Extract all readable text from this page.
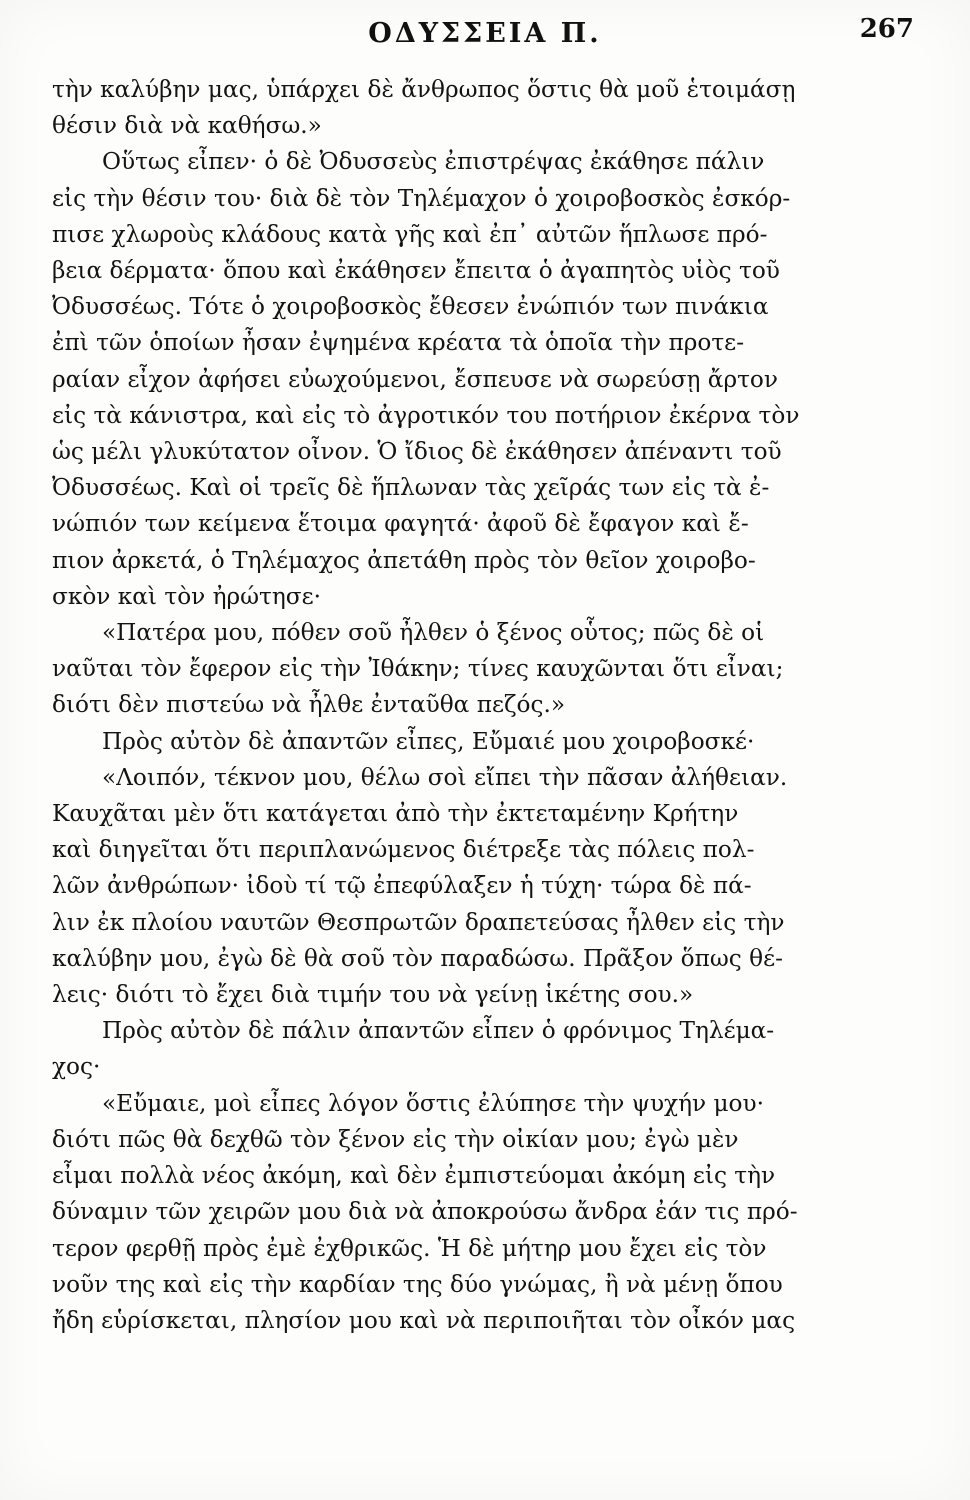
ΟΔΥΣΣΕΙΑ Π.	267
τὴν καλύβην μας, ὑπάρχει δὲ ἄνθρωπος ὅστις θὰ μοῦ ἑτοιμάσῃ
θέσιν διὰ νὰ καθήσω.»
Οὕτως εἶπεν· ὁ δὲ Ὀδυσσεὺς ἐπιστρέψας ἐκάθησε πάλιν
εἰς τὴν θέσιν του· διὰ δὲ τὸν Τηλέμαχον ὁ χοιροβοσκὸς ἐσκόρ-
πισε χλωροὺς κλάδους κατὰ γῆς καὶ ἐπ᾽ αὐτῶν ἥπλωσε πρό-
βεια δέρματα· ὅπου καὶ ἐκάθησεν ἔπειτα ὁ ἀγαπητὸς υἱὸς τοῦ
Ὀδυσσέως. Τότε ὁ χοιροβοσκὸς ἔθεσεν ἐνώπιόν των πινάκια
ἐπὶ τῶν ὁποίων ἦσαν ἐψημένα κρέατα τὰ ὁποῖα τὴν προτε-
ραίαν εἶχον ἀφήσει εὐωχούμενοι, ἔσπευσε νὰ σωρεύσῃ ἄρτον
εἰς τὰ κάνιστρα, καὶ εἰς τὸ ἀγροτικόν του ποτήριον ἐκέρνα τὸν
ὡς μέλι γλυκύτατον οἶνον. Ὁ ἴδιος δὲ ἐκάθησεν ἀπέναντι τοῦ
Ὀδυσσέως. Καὶ οἱ τρεῖς δὲ ἥπλωναν τὰς χεῖράς των εἰς τὰ ἐ-
νώπιόν των κείμενα ἕτοιμα φαγητά· ἀφοῦ δὲ ἔφαγον καὶ ἔ-
πιον ἀρκετά, ὁ Τηλέμαχος ἀπετάθη πρὸς τὸν θεῖον χοιροβο-
σκὸν καὶ τὸν ἠρώτησε·
«Πατέρα μου, πόθεν σοῦ ἦλθεν ὁ ξένος οὗτος; πῶς δὲ οἱ
ναῦται τὸν ἔφερον εἰς τὴν Ἰθάκην; τίνες καυχῶνται ὅτι εἶναι;
διότι δὲν πιστεύω νὰ ἦλθε ἐνταῦθα πεζός.»
Πρὸς αὐτὸν δὲ ἀπαντῶν εἶπες, Εὔμαιέ μου χοιροβοσκέ·
«Λοιπόν, τέκνον μου, θέλω σοὶ εἴπει τὴν πᾶσαν ἀλήθειαν.
Καυχᾶται μὲν ὅτι κατάγεται ἀπὸ τὴν ἐκτεταμένην Κρήτην
καὶ διηγεῖται ὅτι περιπλανώμενος διέτρεξε τὰς πόλεις πολ-
λῶν ἀνθρώπων· ἰδοὺ τί τῷ ἐπεφύλαξεν ἡ τύχη· τώρα δὲ πά-
λιν ἐκ πλοίου ναυτῶν Θεσπρωτῶν δραπετεύσας ἦλθεν εἰς τὴν
καλύβην μου, ἐγὼ δὲ θὰ σοῦ τὸν παραδώσω. Πρᾶξον ὅπως θέ-
λεις· διότι τὸ ἔχει διὰ τιμήν του νὰ γείνῃ ἱκέτης σου.»
Πρὸς αὐτὸν δὲ πάλιν ἀπαντῶν εἶπεν ὁ φρόνιμος Τηλέμα-
χος·
«Εὔμαιε, μοὶ εἶπες λόγον ὅστις ἐλύπησε τὴν ψυχήν μου·
διότι πῶς θὰ δεχθῶ τὸν ξένον εἰς τὴν οἰκίαν μου; ἐγὼ μὲν
εἶμαι πολλὰ νέος ἀκόμη, καὶ δὲν ἐμπιστεύομαι ἀκόμη εἰς τὴν
δύναμιν τῶν χειρῶν μου διὰ νὰ ἀποκρούσω ἄνδρα ἐάν τις πρό-
τερον φερθῇ πρὸς ἐμὲ ἐχθρικῶς. Ἡ δὲ μήτηρ μου ἔχει εἰς τὸν
νοῦν της καὶ εἰς τὴν καρδίαν της δύο γνώμας, ἢ νὰ μένῃ ὅπου
ἤδη εὑρίσκεται, πλησίον μου καὶ νὰ περιποιῆται τὸν οἶκόν μας
